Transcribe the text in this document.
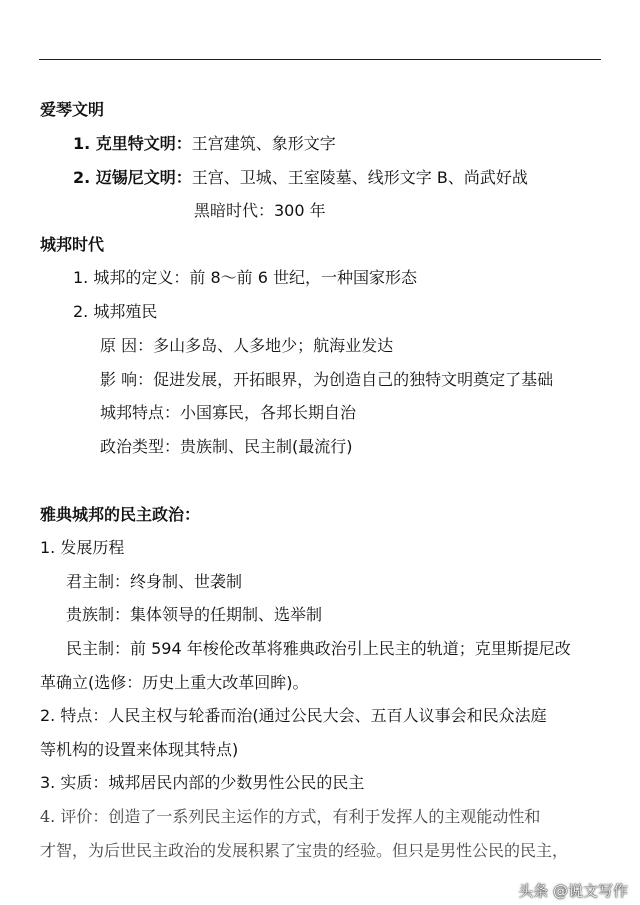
爱琴文明
1. 克里特文明：王宫建筑、象形文字
2. 迈锡尼文明：王宫、卫城、王室陵墓、线形文字 B、尚武好战
黑暗时代：300 年
城邦时代
1. 城邦的定义：前 8～前 6 世纪，一种国家形态
2. 城邦殖民
原 因：多山多岛、人多地少；航海业发达
影 响：促进发展，开拓眼界，为创造自己的独特文明奠定了基础
城邦特点：小国寡民，各邦长期自治
政治类型：贵族制、民主制(最流行)
雅典城邦的民主政治：
1. 发展历程
君主制：终身制、世袭制
贵族制：集体领导的任期制、选举制
民主制：前 594 年梭伦改革将雅典政治引上民主的轨道；克里斯提尼改
革确立(选修：历史上重大改革回眸)。
2. 特点：人民主权与轮番而治(通过公民大会、五百人议事会和民众法庭
等机构的设置来体现其特点)
3. 实质：城邦居民内部的少数男性公民的民主
4. 评价：创造了一系列民主运作的方式，有利于发挥人的主观能动性和
才智，为后世民主政治的发展积累了宝贵的经验。但只是男性公民的民主，
头条 @说文写作
